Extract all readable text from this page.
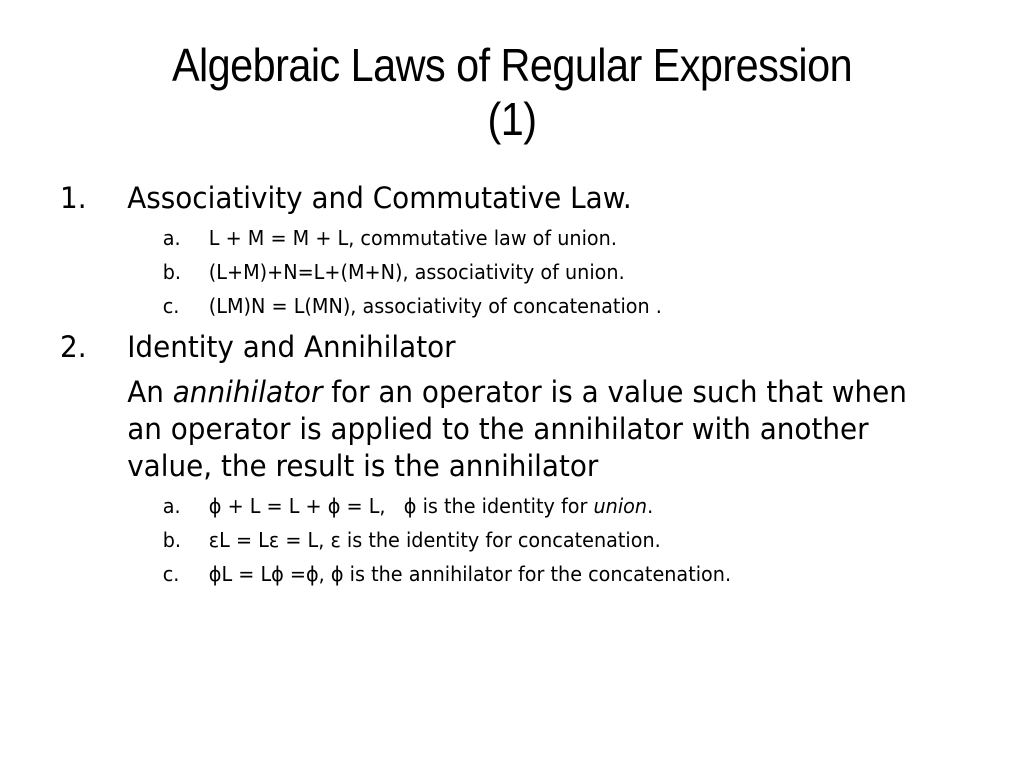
Algebraic Laws of Regular Expression
(1)
1.	Associativity and Commutative Law.
a.	L + M = M + L, commutative law of union.
b.	(L+M)+N=L+(M+N), associativity of union.
c.	(LM)N = L(MN), associativity of concatenation .
2.	Identity and Annihilator
An annihilator for an operator is a value such that when an operator is applied to the annihilator with another value, the result is the annihilator
a.	ϕ + L = L + ϕ = L,   ϕ is the identity for union.
b.	εL = Lε = L, ε is the identity for concatenation.
c.	ϕL = Lϕ =ϕ, ϕ is the annihilator for the concatenation.
